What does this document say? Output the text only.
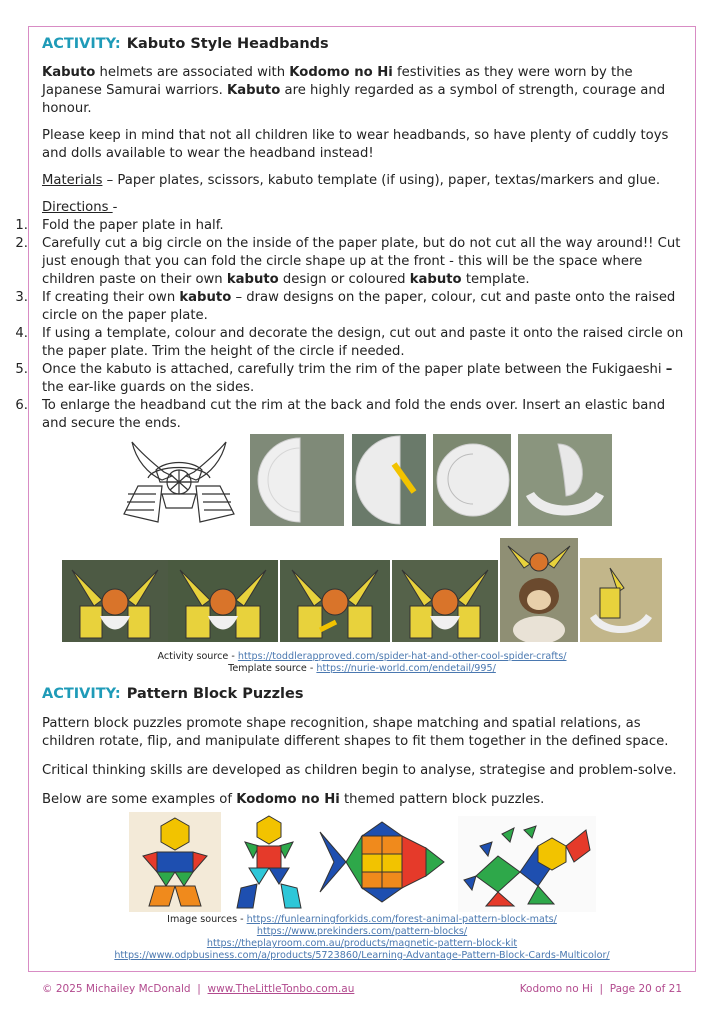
ACTIVITY: Kabuto Style Headbands

Kabuto helmets are associated with Kodomo no Hi festivities as they were worn by the Japanese Samurai warriors. Kabuto are highly regarded as a symbol of strength, courage and honour.

Please keep in mind that not all children like to wear headbands, so have plenty of cuddly toys and dolls available to wear the headband instead!

Materials – Paper plates, scissors, kabuto template (if using), paper, textas/markers and glue.

Directions -

1. Fold the paper plate in half.
2. Carefully cut a big circle on the inside of the paper plate, but do not cut all the way around!! Cut just enough that you can fold the circle shape up at the front - this will be the space where children paste on their own kabuto design or coloured kabuto template.
3. If creating their own kabuto – draw designs on the paper, colour, cut and paste onto the raised circle on the paper plate.
4. If using a template, colour and decorate the design, cut out and paste it onto the raised circle on the paper plate. Trim the height of the circle if needed.
5. Once the kabuto is attached, carefully trim the rim of the paper plate between the Fukigaeshi – the ear-like guards on the sides.
6. To enlarge the headband cut the rim at the back and fold the ends over. Insert an elastic band and secure the ends.
Activity source - https://toddlerapproved.com/spider-hat-and-other-cool-spider-crafts/
Template source - https://nurie-world.com/endetail/995/
ACTIVITY: Pattern Block Puzzles

Pattern block puzzles promote shape recognition, shape matching and spatial relations, as children rotate, flip, and manipulate different shapes to fit them together in the defined space.

Critical thinking skills are developed as children begin to analyse, strategise and problem-solve.

Below are some examples of Kodomo no Hi themed pattern block puzzles.

Image sources - https://funlearningforkids.com/forest-animal-pattern-block-mats/
https://www.prekinders.com/pattern-blocks/
https://theplayroom.com.au/products/magnetic-pattern-block-kit
https://www.odpbusiness.com/a/products/5723860/Learning-Advantage-Pattern-Block-Cards-Multicolor/
© 2025 Michailey McDonald | www.TheLittleTonbo.com.au	Kodomo no Hi | Page 20 of 21
